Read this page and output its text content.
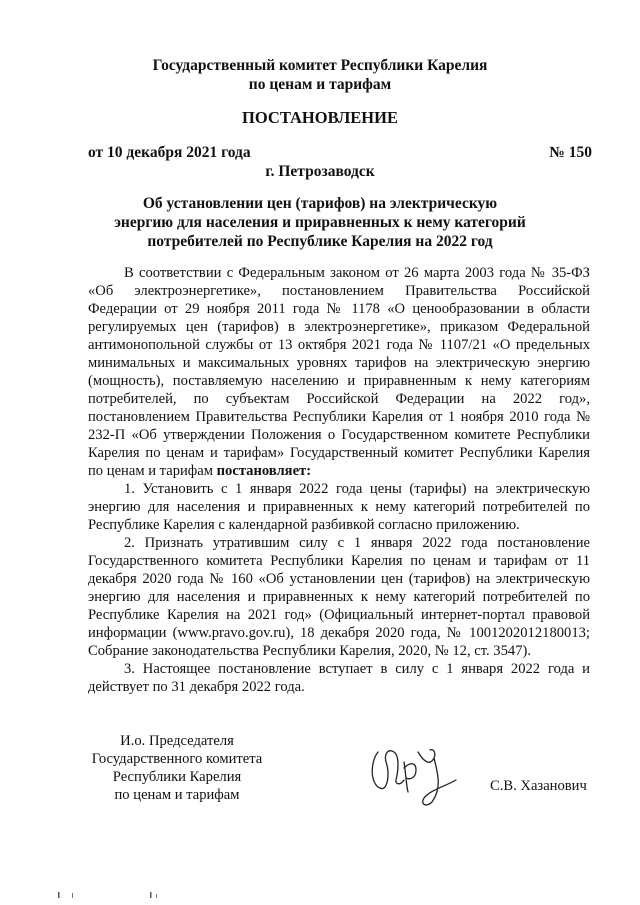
Государственный комитет Республики Карелия
по ценам и тарифам
ПОСТАНОВЛЕНИЕ
от 10 декабря 2021 года	№ 150
г. Петрозаводск
Об установлении цен (тарифов) на электрическую
энергию для населения и приравненных к нему категорий
потребителей по Республике Карелия на 2022 год

В соответствии с Федеральным законом от 26 марта 2003 года № 35-ФЗ «Об электроэнергетике», постановлением Правительства Российской Федерации от 29 ноября 2011 года № 1178 «О ценообразовании в области регулируемых цен (тарифов) в электроэнергетике», приказом Федеральной антимонопольной службы от 13 октября 2021 года № 1107/21 «О предельных минимальных и максимальных уровнях тарифов на электрическую энергию (мощность), поставляемую населению и приравненным к нему категориям потребителей, по субъектам Российской Федерации на 2022 год», постановлением Правительства Республики Карелия от 1 ноября 2010 года № 232-П «Об утверждении Положения о Государственном комитете Республики Карелия по ценам и тарифам» Государственный комитет Республики Карелия по ценам и тарифам постановляет:

1. Установить с 1 января 2022 года цены (тарифы) на электрическую энергию для населения и приравненных к нему категорий потребителей по Республике Карелия с календарной разбивкой согласно приложению.

2. Признать утратившим силу с 1 января 2022 года постановление Государственного комитета Республики Карелия по ценам и тарифам от 11 декабря 2020 года № 160 «Об установлении цен (тарифов) на электрическую энергию для населения и приравненных к нему категорий потребителей по Республике Карелия на 2021 год» (Официальный интернет-портал правовой информации (www.pravo.gov.ru), 18 декабря 2020 года, № 1001202012180013; Собрание законодательства Республики Карелия, 2020, № 12, ст. 3547).

3. Настоящее постановление вступает в силу с 1 января 2022 года и действует по 31 декабря 2022 года.

И.о. Председателя
Государственного комитета
Республики Карелия
по ценам и тарифам
С.В. Хазанович
